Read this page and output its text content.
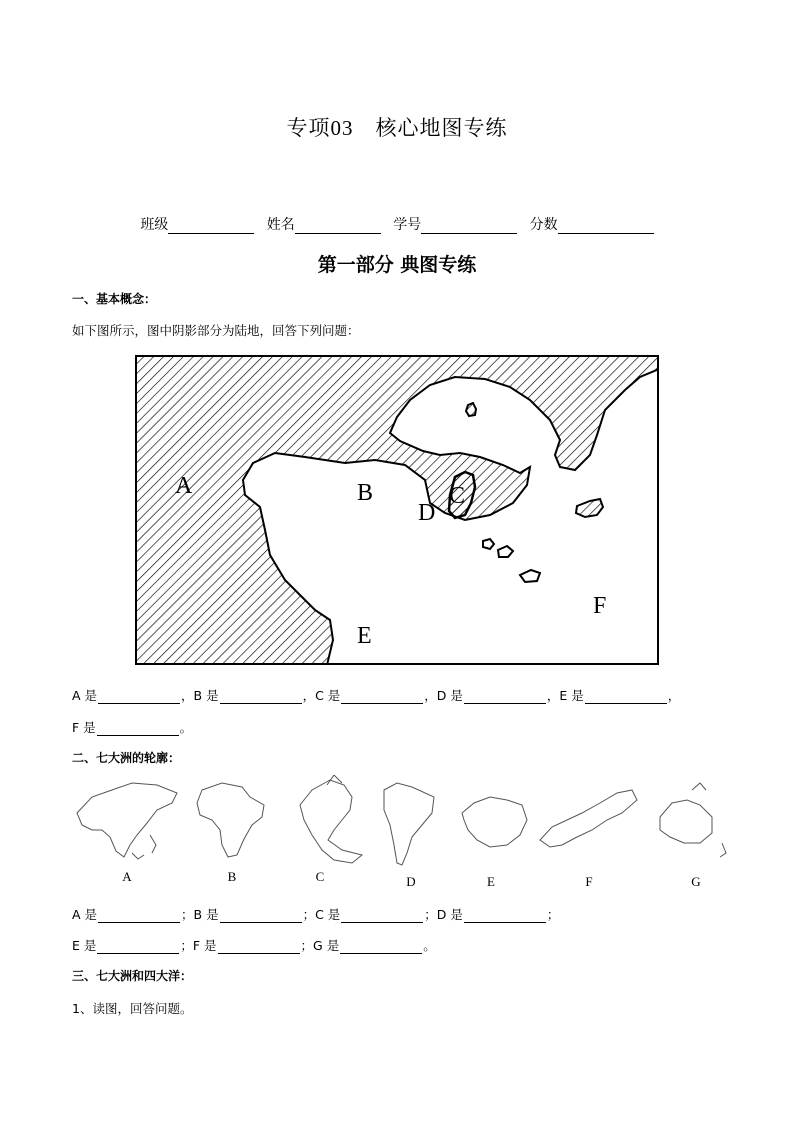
专项03 核心地图专练
班级	姓名	学号	分数
第一部分 典图专练
一、基本概念：
如下图所示，图中阴影部分为陆地，回答下列问题：
A	B	C
D
E
F
A 是	，B 是	，C 是	，D 是	，E 是	，
F 是	。
二、七大洲的轮廓：
A	B	C	D	E	F	G
A 是	；B 是	；C 是	；D 是	；
E 是	；F 是	；G 是	。
三、七大洲和四大洋：
1、读图，回答问题。
